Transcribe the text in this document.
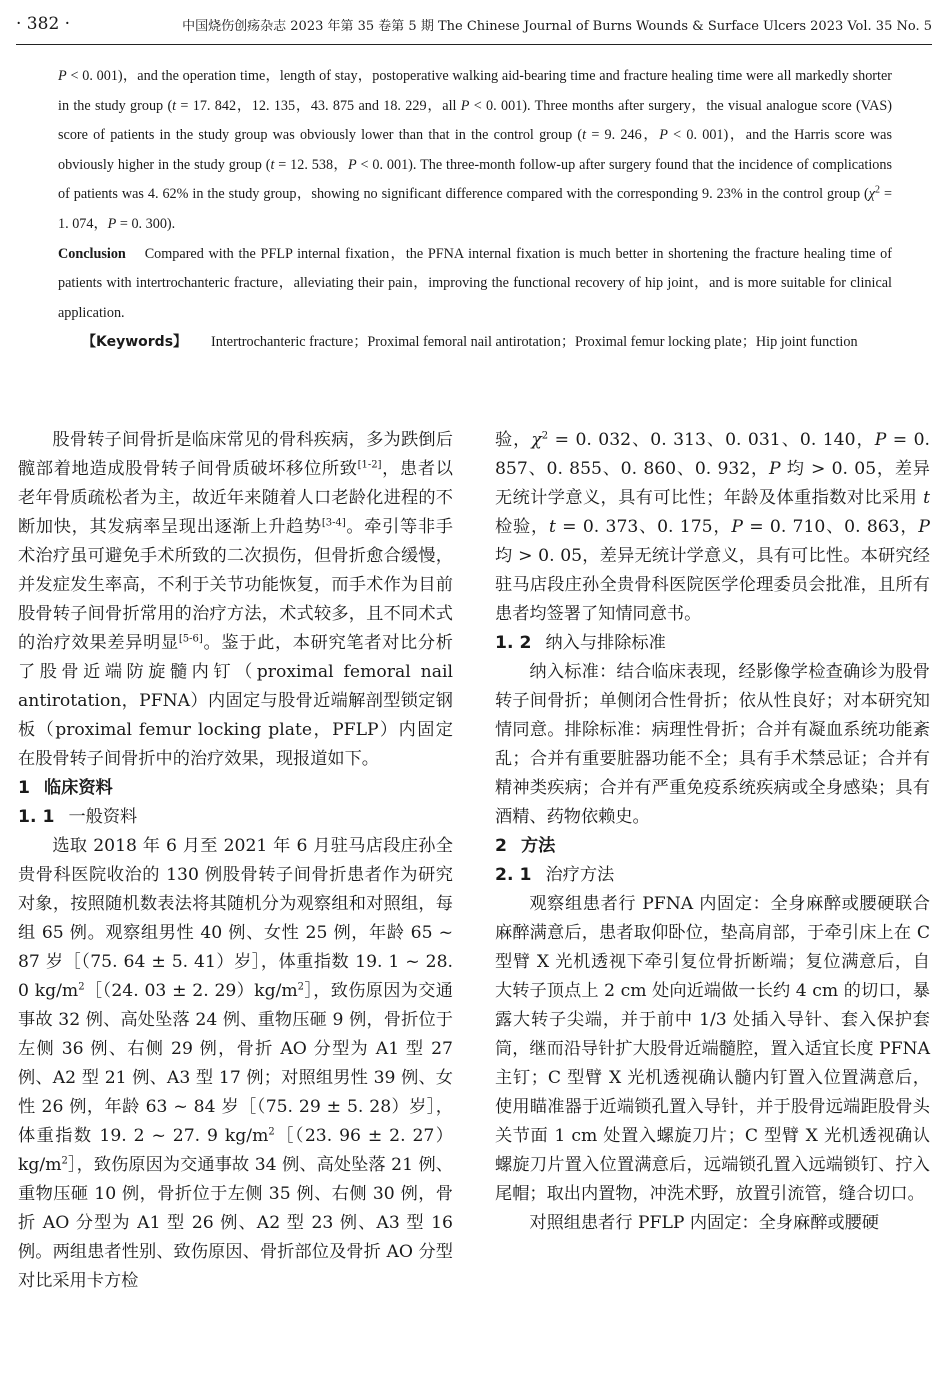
· 382 ·	中国烧伤创疡杂志 2023 年第 35 卷第 5 期 The Chinese Journal of Burns Wounds & Surface Ulcers 2023 Vol. 35 No. 5

P < 0. 001)，and the operation time，length of stay，postoperative walking aid-bearing time and fracture healing time were all markedly shorter in the study group (t = 17. 842，12. 135，43. 875 and 18. 229，all P < 0. 001). Three months after surgery，the visual analogue score (VAS) score of patients in the study group was obviously lower than that in the control group (t = 9. 246，P < 0. 001)，and the Harris score was obviously higher in the study group (t = 12. 538，P < 0. 001). The three-month follow-up after surgery found that the incidence of complications of patients was 4. 62% in the study group，showing no significant difference compared with the corresponding 9. 23% in the control group ($\chi^2 = 1$. 074，P = 0. 300).

Conclusion Compared with the PFLP internal fixation，the PFNA internal fixation is much better in shortening the fracture healing time of patients with intertrochanteric fracture，alleviating their pain，improving the functional recovery of hip joint，and is more suitable for clinical application.

【Keywords】 Intertrochanteric fracture；Proximal femoral nail antirotation；Proximal femur locking plate；Hip joint function

股骨转子间骨折是临床常见的骨科疾病，多为跌倒后髋部着地造成股骨转子间骨质破坏移位所致[1-2]，患者以老年骨质疏松者为主，故近年来随着人口老龄化进程的不断加快，其发病率呈现出逐渐上升趋势[3-4]。牵引等非手术治疗虽可避免手术所致的二次损伤，但骨折愈合缓慢，并发症发生率高，不利于关节功能恢复，而手术作为目前股骨转子间骨折常用的治疗方法，术式较多，且不同术式的治疗效果差异明显[5-6]。鉴于此，本研究笔者对比分析了股骨近端防旋髓内钉（proximal femoral nail antirotation，PFNA）内固定与股骨近端解剖型锁定钢板（proximal femur locking plate，PFLP）内固定在股骨转子间骨折中的治疗效果，现报道如下。

1 临床资料

1. 1 一般资料

选取 2018 年 6 月至 2021 年 6 月驻马店段庄孙全贵骨科医院收治的 130 例股骨转子间骨折患者作为研究对象，按照随机数表法将其随机分为观察组和对照组，每组 65 例。观察组男性 40 例、女性 25 例，年龄 65 ~ 87 岁［（75. 64 ± 5. 41）岁］，体重指数 19. 1 ~ 28. 0 $kg/m^2[(24$. 03 ± 2. $29)kg/m^2]$，致伤原因为交通事故 32 例、高处坠落 24 例、重物压砸 9 例，骨折位于左侧 36 例、右侧 29 例，骨折 AO 分型为 A1 型 27 例、A2 型 21 例、A3 型 17 例；对照组男性 39 例、女性 26 例，年龄 63 ~ 84 岁［（75. 29 ± 5. 28）岁］，体重指数 19. 2 ~ 27. 9 $kg/m^2[(23$. 96 ± 2. $27)kg/m^2]$，致伤原因为交通事故 34 例、高处坠落 21 例、重物压砸 10 例，骨折位于左侧 35 例、右侧 30 例，骨折 AO 分型为 A1 型 26 例、A2 型 23 例、A3 型 16 例。两组患者性别、致伤原因、骨折部位及骨折 AO 分型对比采用卡方检

验，$\chi^2 = 0$. 032、0. 313、0. 031、0. 140，P = 0. 857、0. 855、0. 860、0. 932，P 均 > 0. 05，差异无统计学意义，具有可比性；年龄及体重指数对比采用 t 检验，t = 0. 373、0. 175，P = 0. 710、0. 863，P 均 > 0. 05，差异无统计学意义，具有可比性。本研究经驻马店段庄孙全贵骨科医院医学伦理委员会批准，且所有患者均签署了知情同意书。

1. 2 纳入与排除标准

纳入标准：结合临床表现，经影像学检查确诊为股骨转子间骨折；单侧闭合性骨折；依从性良好；对本研究知情同意。排除标准：病理性骨折；合并有凝血系统功能紊乱；合并有重要脏器功能不全；具有手术禁忌证；合并有精神类疾病；合并有严重免疫系统疾病或全身感染；具有酒精、药物依赖史。

2 方法

2. 1 治疗方法

观察组患者行 PFNA 内固定：全身麻醉或腰硬联合麻醉满意后，患者取仰卧位，垫高肩部，于牵引床上在 C 型臂 X 光机透视下牵引复位骨折断端；复位满意后，自大转子顶点上 2 cm 处向近端做一长约 4 cm 的切口，暴露大转子尖端，并于前中 1/3 处插入导针、套入保护套筒，继而沿导针扩大股骨近端髓腔，置入适宜长度 PFNA 主钉；C 型臂 X 光机透视确认髓内钉置入位置满意后，使用瞄准器于近端锁孔置入导针，并于股骨远端距股骨头关节面 1 cm 处置入螺旋刀片；C 型臂 X 光机透视确认螺旋刀片置入位置满意后，远端锁孔置入远端锁钉、拧入尾帽；取出内置物，冲洗术野，放置引流管，缝合切口。

对照组患者行 PFLP 内固定：全身麻醉或腰硬
